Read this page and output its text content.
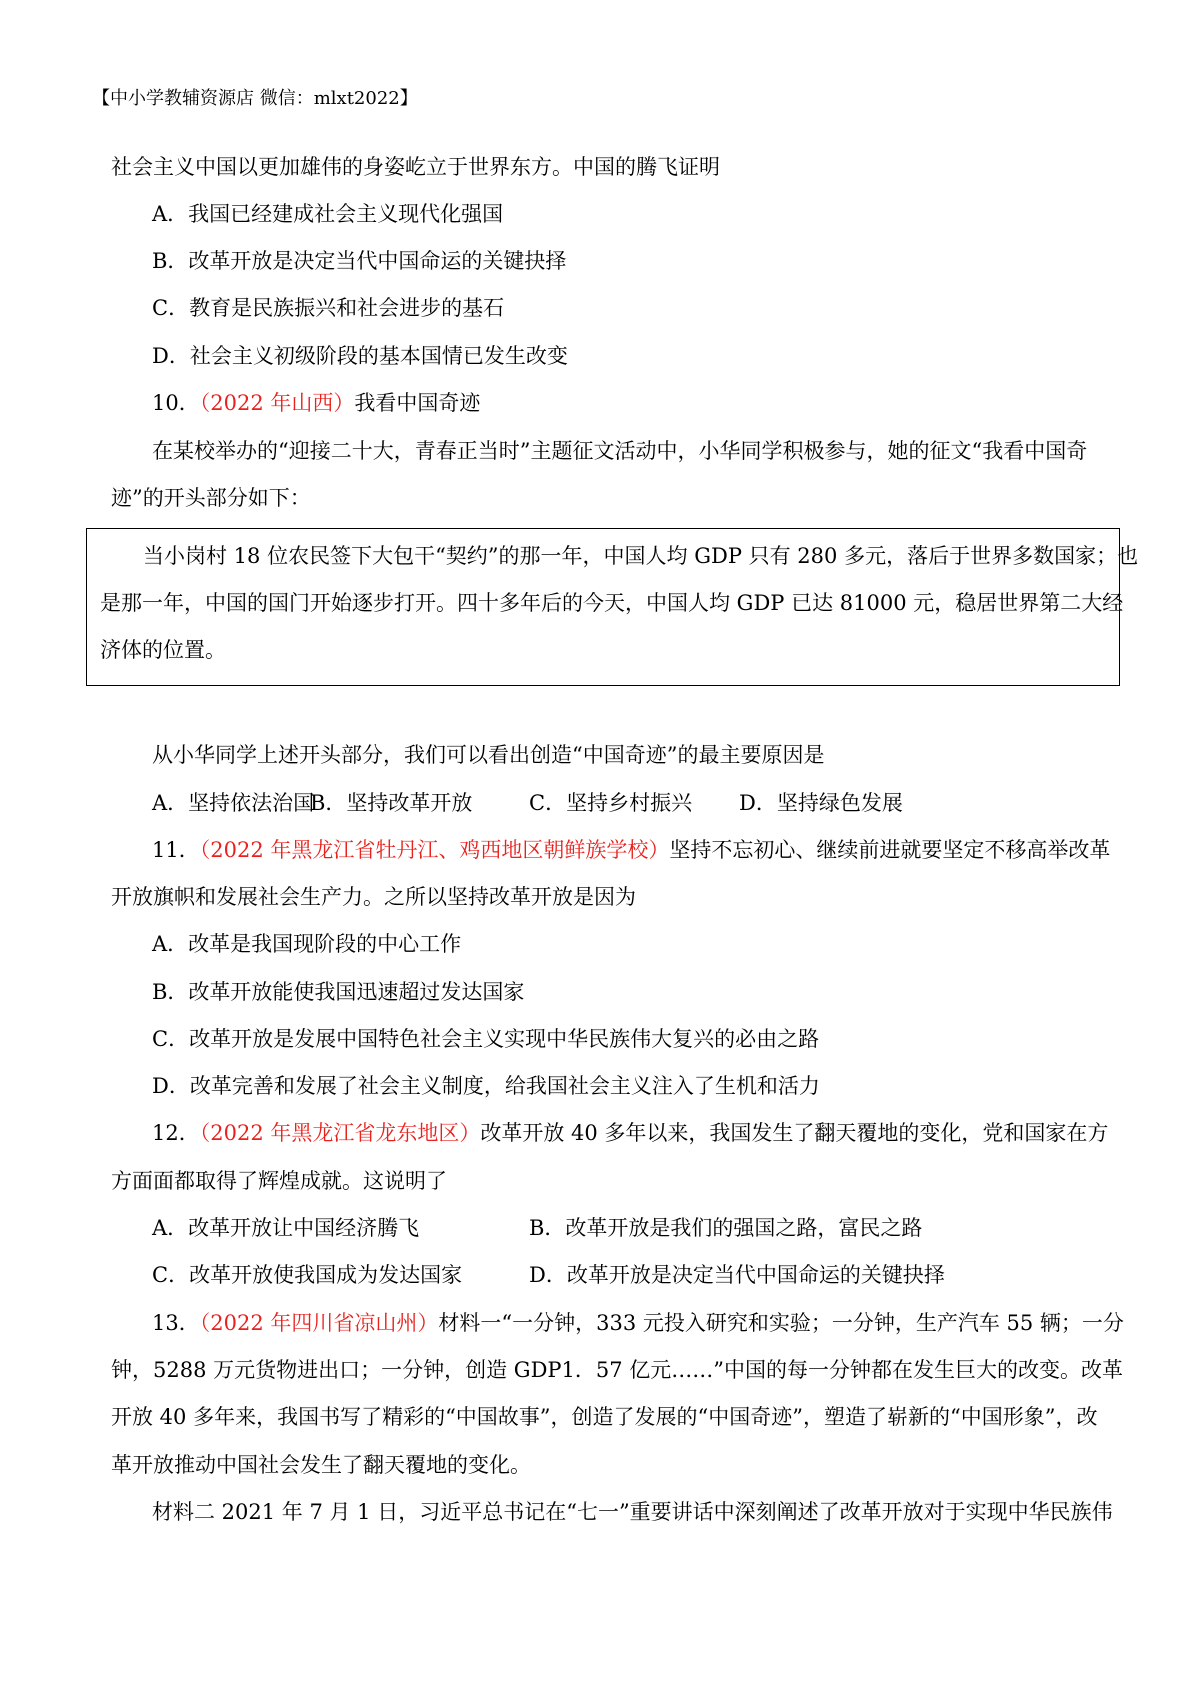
【中小学教辅资源店 微信：mlxt2022】
社会主义中国以更加雄伟的身姿屹立于世界东方。中国的腾飞证明
A．我国已经建成社会主义现代化强国
B．改革开放是决定当代中国命运的关键抉择
C．教育是民族振兴和社会进步的基石
D．社会主义初级阶段的基本国情已发生改变
10．（2022 年山西）我看中国奇迹
在某校举办的“迎接二十大，青春正当时”主题征文活动中，小华同学积极参与，她的征文“我看中国奇
迹”的开头部分如下：
当小岗村 18 位农民签下大包干“契约”的那一年，中国人均 GDP 只有 280 多元，落后于世界多数国家；也
是那一年，中国的国门开始逐步打开。四十多年后的今天，中国人均 GDP 已达 81000 元，稳居世界第二大经
济体的位置。
从小华同学上述开头部分，我们可以看出创造“中国奇迹”的最主要原因是
A．坚持依法治国
B．坚持改革开放	C．坚持乡村振兴 D．坚持绿色发展
11．（2022 年黑龙江省牡丹江、鸡西地区朝鲜族学校）坚持不忘初心、继续前进就要坚定不移高举改革
开放旗帜和发展社会生产力。之所以坚持改革开放是因为
A．改革是我国现阶段的中心工作
B．改革开放能使我国迅速超过发达国家
C．改革开放是发展中国特色社会主义实现中华民族伟大复兴的必由之路
D．改革完善和发展了社会主义制度，给我国社会主义注入了生机和活力
12．（2022 年黑龙江省龙东地区）改革开放 40 多年以来，我国发生了翻天覆地的变化，党和国家在方
方面面都取得了辉煌成就。这说明了
A．改革开放让中国经济腾飞	B．改革开放是我们的强国之路，富民之路
C．改革开放使我国成为发达国家	D．改革开放是决定当代中国命运的关键抉择
13．（2022 年四川省凉山州）材料一“一分钟，333 元投入研究和实验；一分钟，生产汽车 55 辆；一分
钟，5288 万元货物进出口；一分钟，创造 GDP1．57 亿元……”中国的每一分钟都在发生巨大的改变。改革
开放 40 多年来，我国书写了精彩的“中国故事”，创造了发展的“中国奇迹”，塑造了崭新的“中国形象”，改
革开放推动中国社会发生了翻天覆地的变化。
材料二 2021 年 7 月 1 日，习近平总书记在“七一”重要讲话中深刻阐述了改革开放对于实现中华民族伟
